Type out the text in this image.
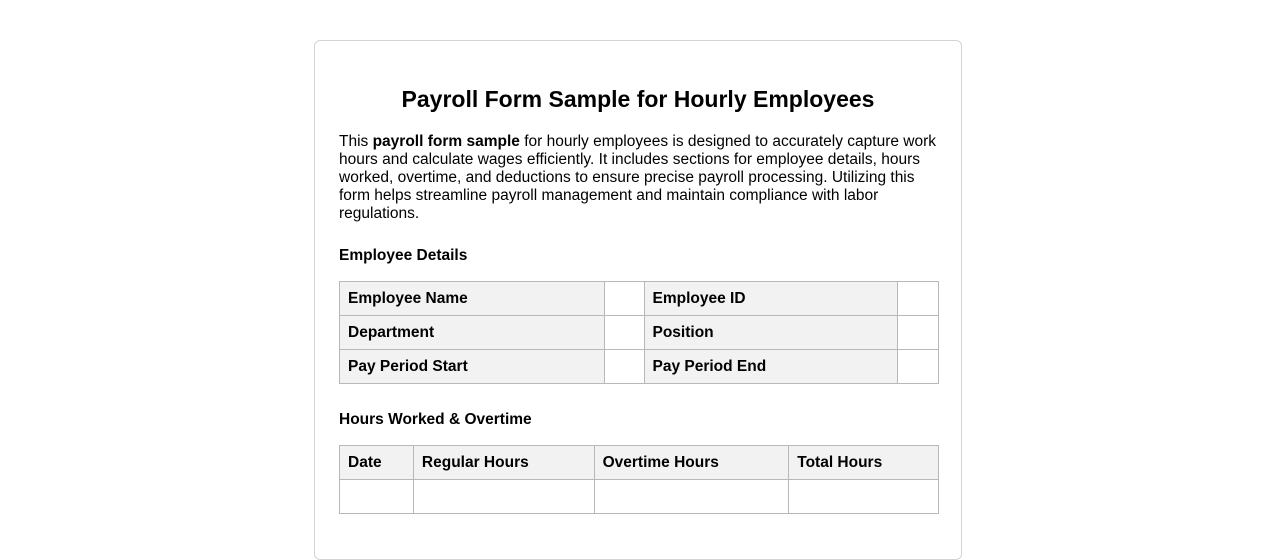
Payroll Form Sample for Hourly Employees

This payroll form sample for hourly employees is designed to accurately capture work hours and calculate wages efficiently. It includes sections for employee details, hours worked, overtime, and deductions to ensure precise payroll processing. Utilizing this form helps streamline payroll management and maintain compliance with labor regulations.

Employee Details
Employee Name		Employee ID	
Department		Position	
Pay Period Start		Pay Period End	
Hours Worked & Overtime
Date	Regular Hours	Overtime Hours	Total Hours
